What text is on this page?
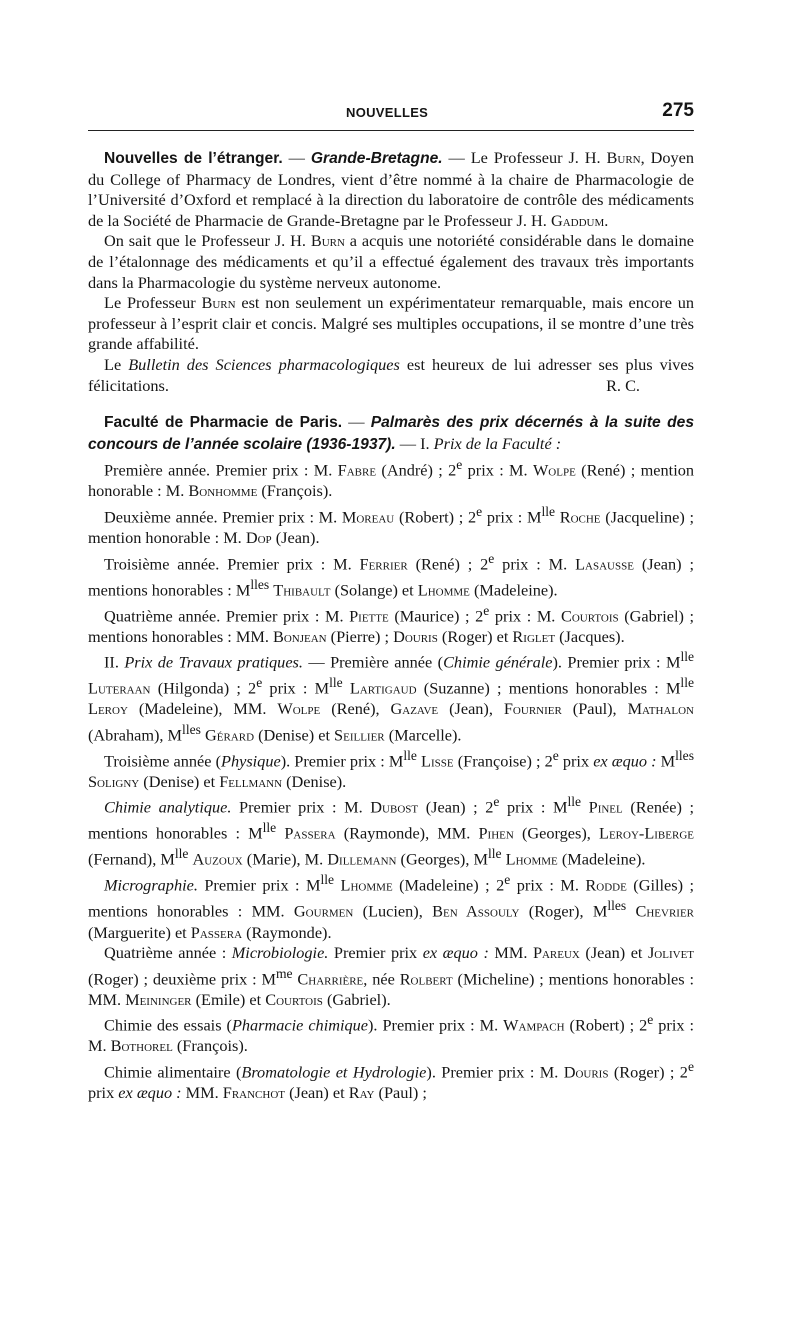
NOUVELLES	275

Nouvelles de l’étranger. — Grande-Bretagne. — Le Professeur J. H. Burn, Doyen du College of Pharmacy de Londres, vient d’être nommé à la chaire de Pharmacologie de l’Université d’Oxford et remplacé à la direction du laboratoire de contrôle des médicaments de la Société de Pharmacie de Grande-Bretagne par le Professeur J. H. Gaddum.

On sait que le Professeur J. H. Burn a acquis une notoriété considérable dans le domaine de l’étalonnage des médicaments et qu’il a effectué également des travaux très importants dans la Pharmacologie du système nerveux autonome.

Le Professeur Burn est non seulement un expérimentateur remarquable, mais encore un professeur à l’esprit clair et concis. Malgré ses multiples occupations, il se montre d’une très grande affabilité.

Le Bulletin des Sciences pharmacologiques est heureux de lui adresser ses plus vives félicitations.	R. C.

Faculté de Pharmacie de Paris. — Palmarès des prix décernés à la suite des concours de l’année scolaire (1936-1937). — I. Prix de la Faculté :

Première année. Premier prix : M. Fabre (André) ; 2e prix : M. Wolpe (René) ; mention honorable : M. Bonhomme (François).

Deuxième année. Premier prix : M. Moreau (Robert) ; 2e prix : $M^{lle}$ Roche (Jacqueline) ; mention honorable : M. Dop (Jean).

Troisième année. Premier prix : M. Ferrier (René) ; 2e prix : M. Lasausse (Jean) ; mentions honorables : $M^{lles}$ Thibault (Solange) et Lhomme (Madeleine).

Quatrième année. Premier prix : M. Piette (Maurice) ; 2e prix : M. Courtois (Gabriel) ; mentions honorables : MM. Bonjean (Pierre) ; Douris (Roger) et Riglet (Jacques).

II. Prix de Travaux pratiques. — Première année (Chimie générale). Premier prix : $M^{lle}$ Luteraan (Hilgonda) ; 2e prix : $M^{lle}$ Lartigaud (Suzanne) ; mentions honorables : $M^{lle}$ Leroy (Madeleine), MM. Wolpe (René), Gazave (Jean), Fournier (Paul), Mathalon (Abraham), $M^{lles}$ Gérard (Denise) et Seillier (Marcelle).

Troisième année (Physique). Premier prix : $M^{lle}$ Lisse (Françoise) ; 2e prix ex æquo : $M^{lles}$ Soligny (Denise) et Fellmann (Denise).

Chimie analytique. Premier prix : M. Dubost (Jean) ; 2e prix : $M^{lle}$ Pinel (Renée) ; mentions honorables : $M^{lle}$ Passera (Raymonde), MM. Pihen (Georges), Leroy-Liberge (Fernand), $M^{lle}$ Auzoux (Marie), M. Dillemann (Georges), $M^{lle}$ Lhomme (Madeleine).

Micrographie. Premier prix : $M^{lle}$ Lhomme (Madeleine) ; 2e prix : M. Rodde (Gilles) ; mentions honorables : MM. Gourmen (Lucien), Ben Assouly (Roger), $M^{lles}$ Chevrier (Marguerite) et Passera (Raymonde).

Quatrième année : Microbiologie. Premier prix ex æquo : MM. Pareux (Jean) et Jolivet (Roger) ; deuxième prix : $M^{me}$ Charrière, née Rolbert (Micheline) ; mentions honorables : MM. Meininger (Emile) et Courtois (Gabriel).

Chimie des essais (Pharmacie chimique). Premier prix : M. Wampach (Robert) ; 2e prix : M. Bothorel (François).

Chimie alimentaire (Bromatologie et Hydrologie). Premier prix : M. Douris (Roger) ; 2e prix ex æquo : MM. Franchot (Jean) et Ray (Paul) ;
